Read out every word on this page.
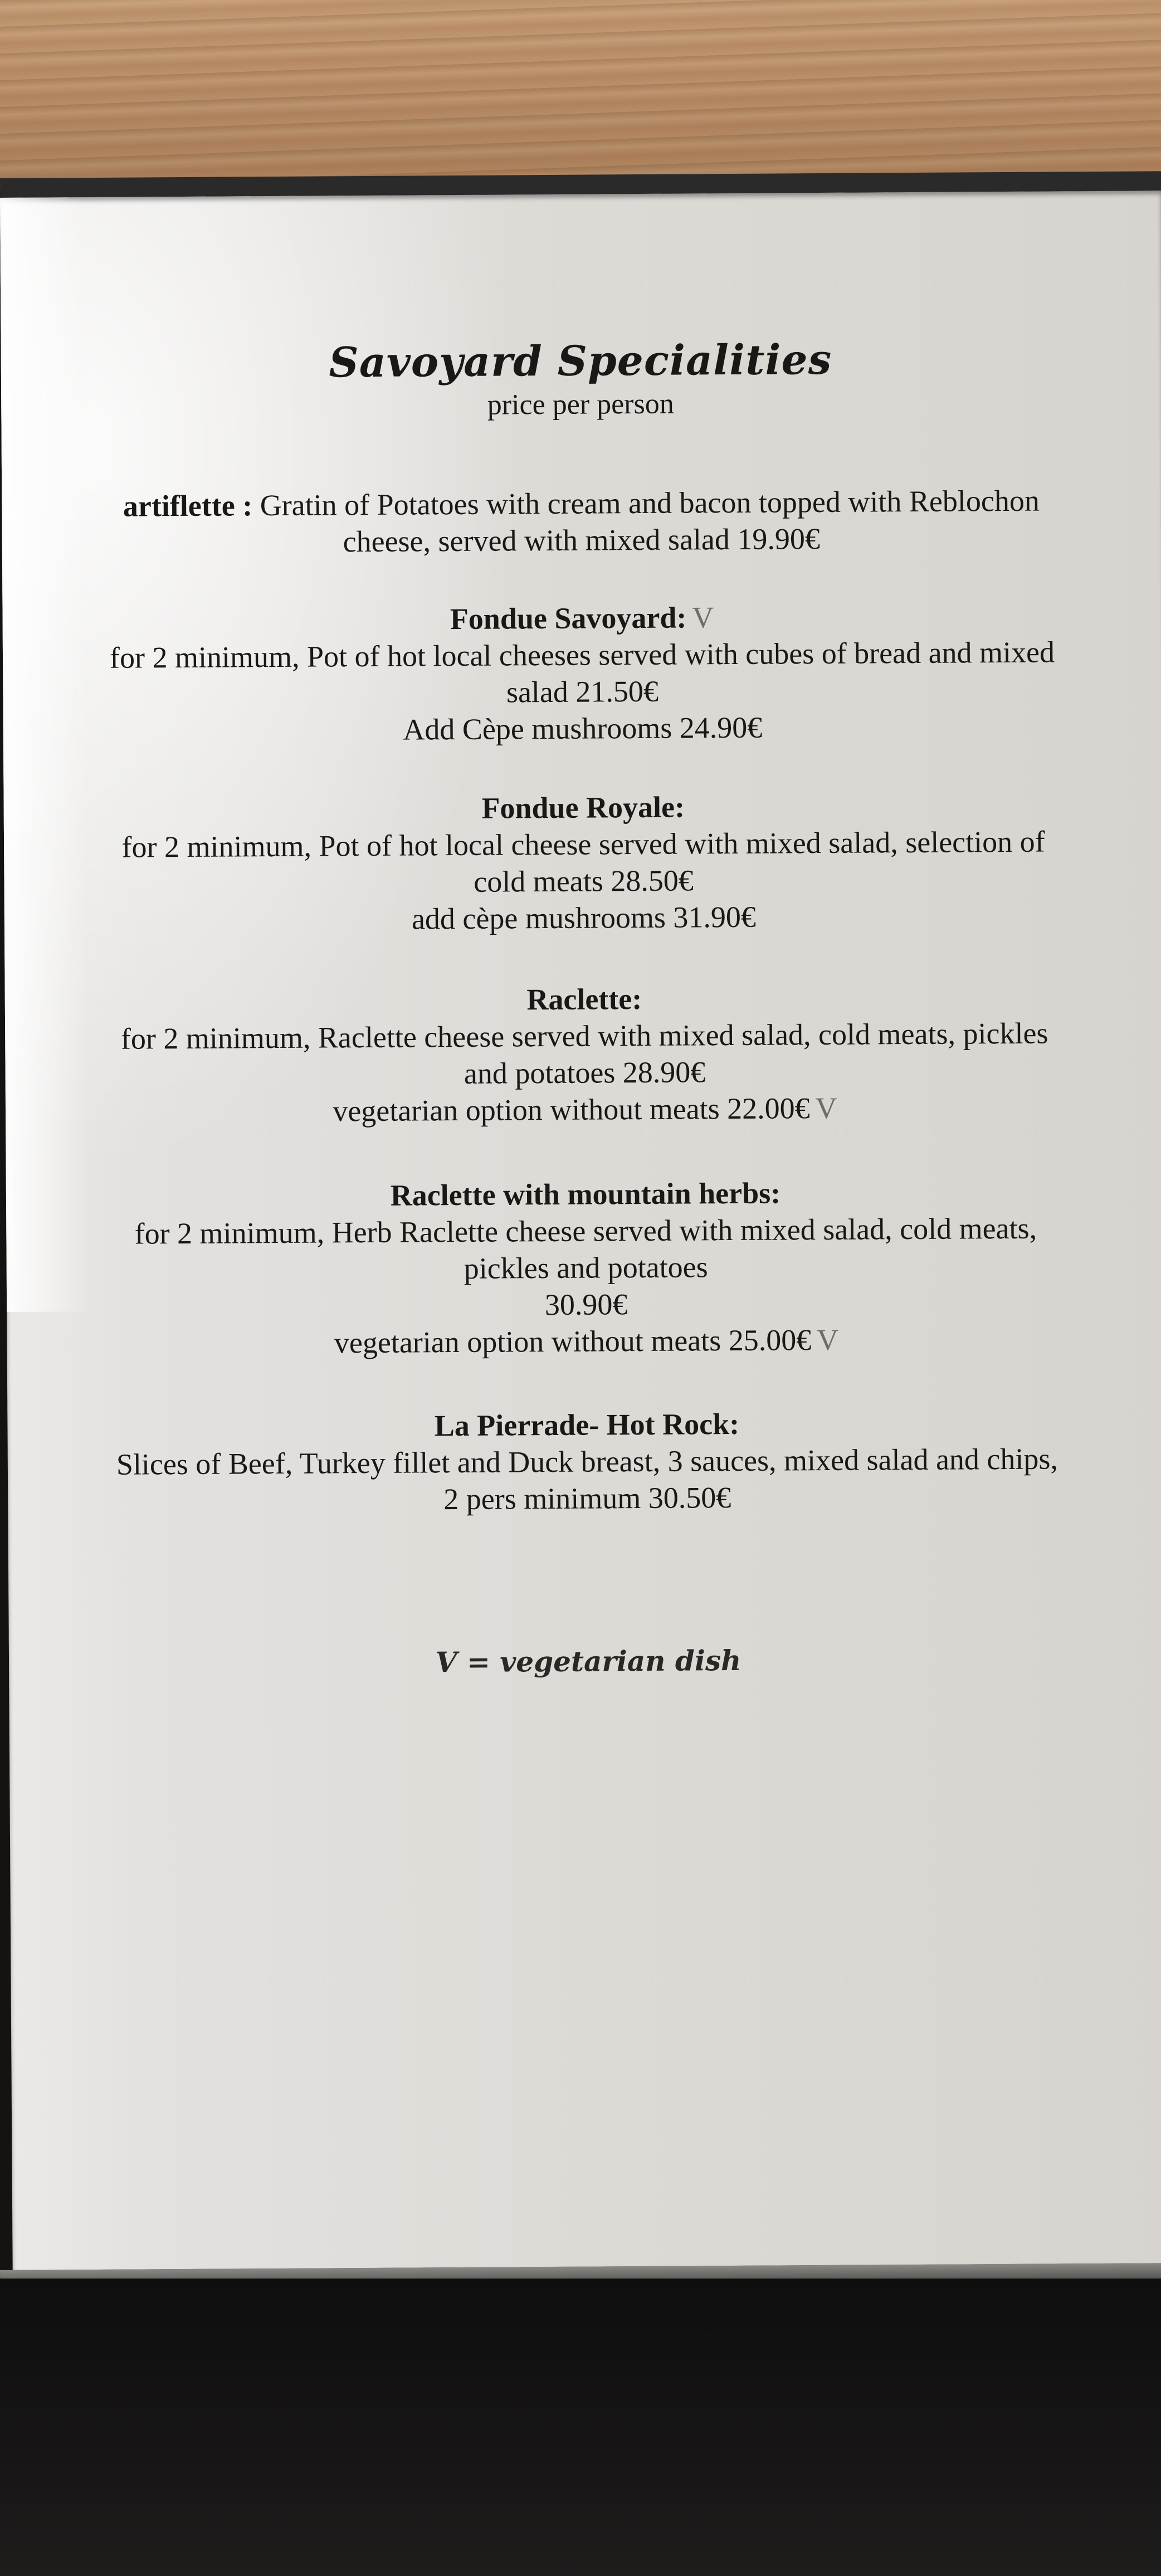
Savoyard Specialities
price per person
artiflette : Gratin of Potatoes with cream and bacon topped with Reblochon
cheese, served with mixed salad 19.90€
Fondue Savoyard: V
for 2 minimum, Pot of hot local cheeses served with cubes of bread and mixed
salad 21.50€
Add Cèpe mushrooms 24.90€
Fondue Royale:
for 2 minimum, Pot of hot local cheese served with mixed salad, selection of
cold meats 28.50€
add cèpe mushrooms 31.90€
Raclette:
for 2 minimum, Raclette cheese served with mixed salad, cold meats, pickles
and potatoes 28.90€
vegetarian option without meats 22.00€ V
Raclette with mountain herbs:
for 2 minimum, Herb Raclette cheese served with mixed salad, cold meats,
pickles and potatoes
30.90€
vegetarian option without meats 25.00€ V
La Pierrade- Hot Rock:
Slices of Beef, Turkey fillet and Duck breast, 3 sauces, mixed salad and chips,
2 pers minimum 30.50€
V = vegetarian dish
